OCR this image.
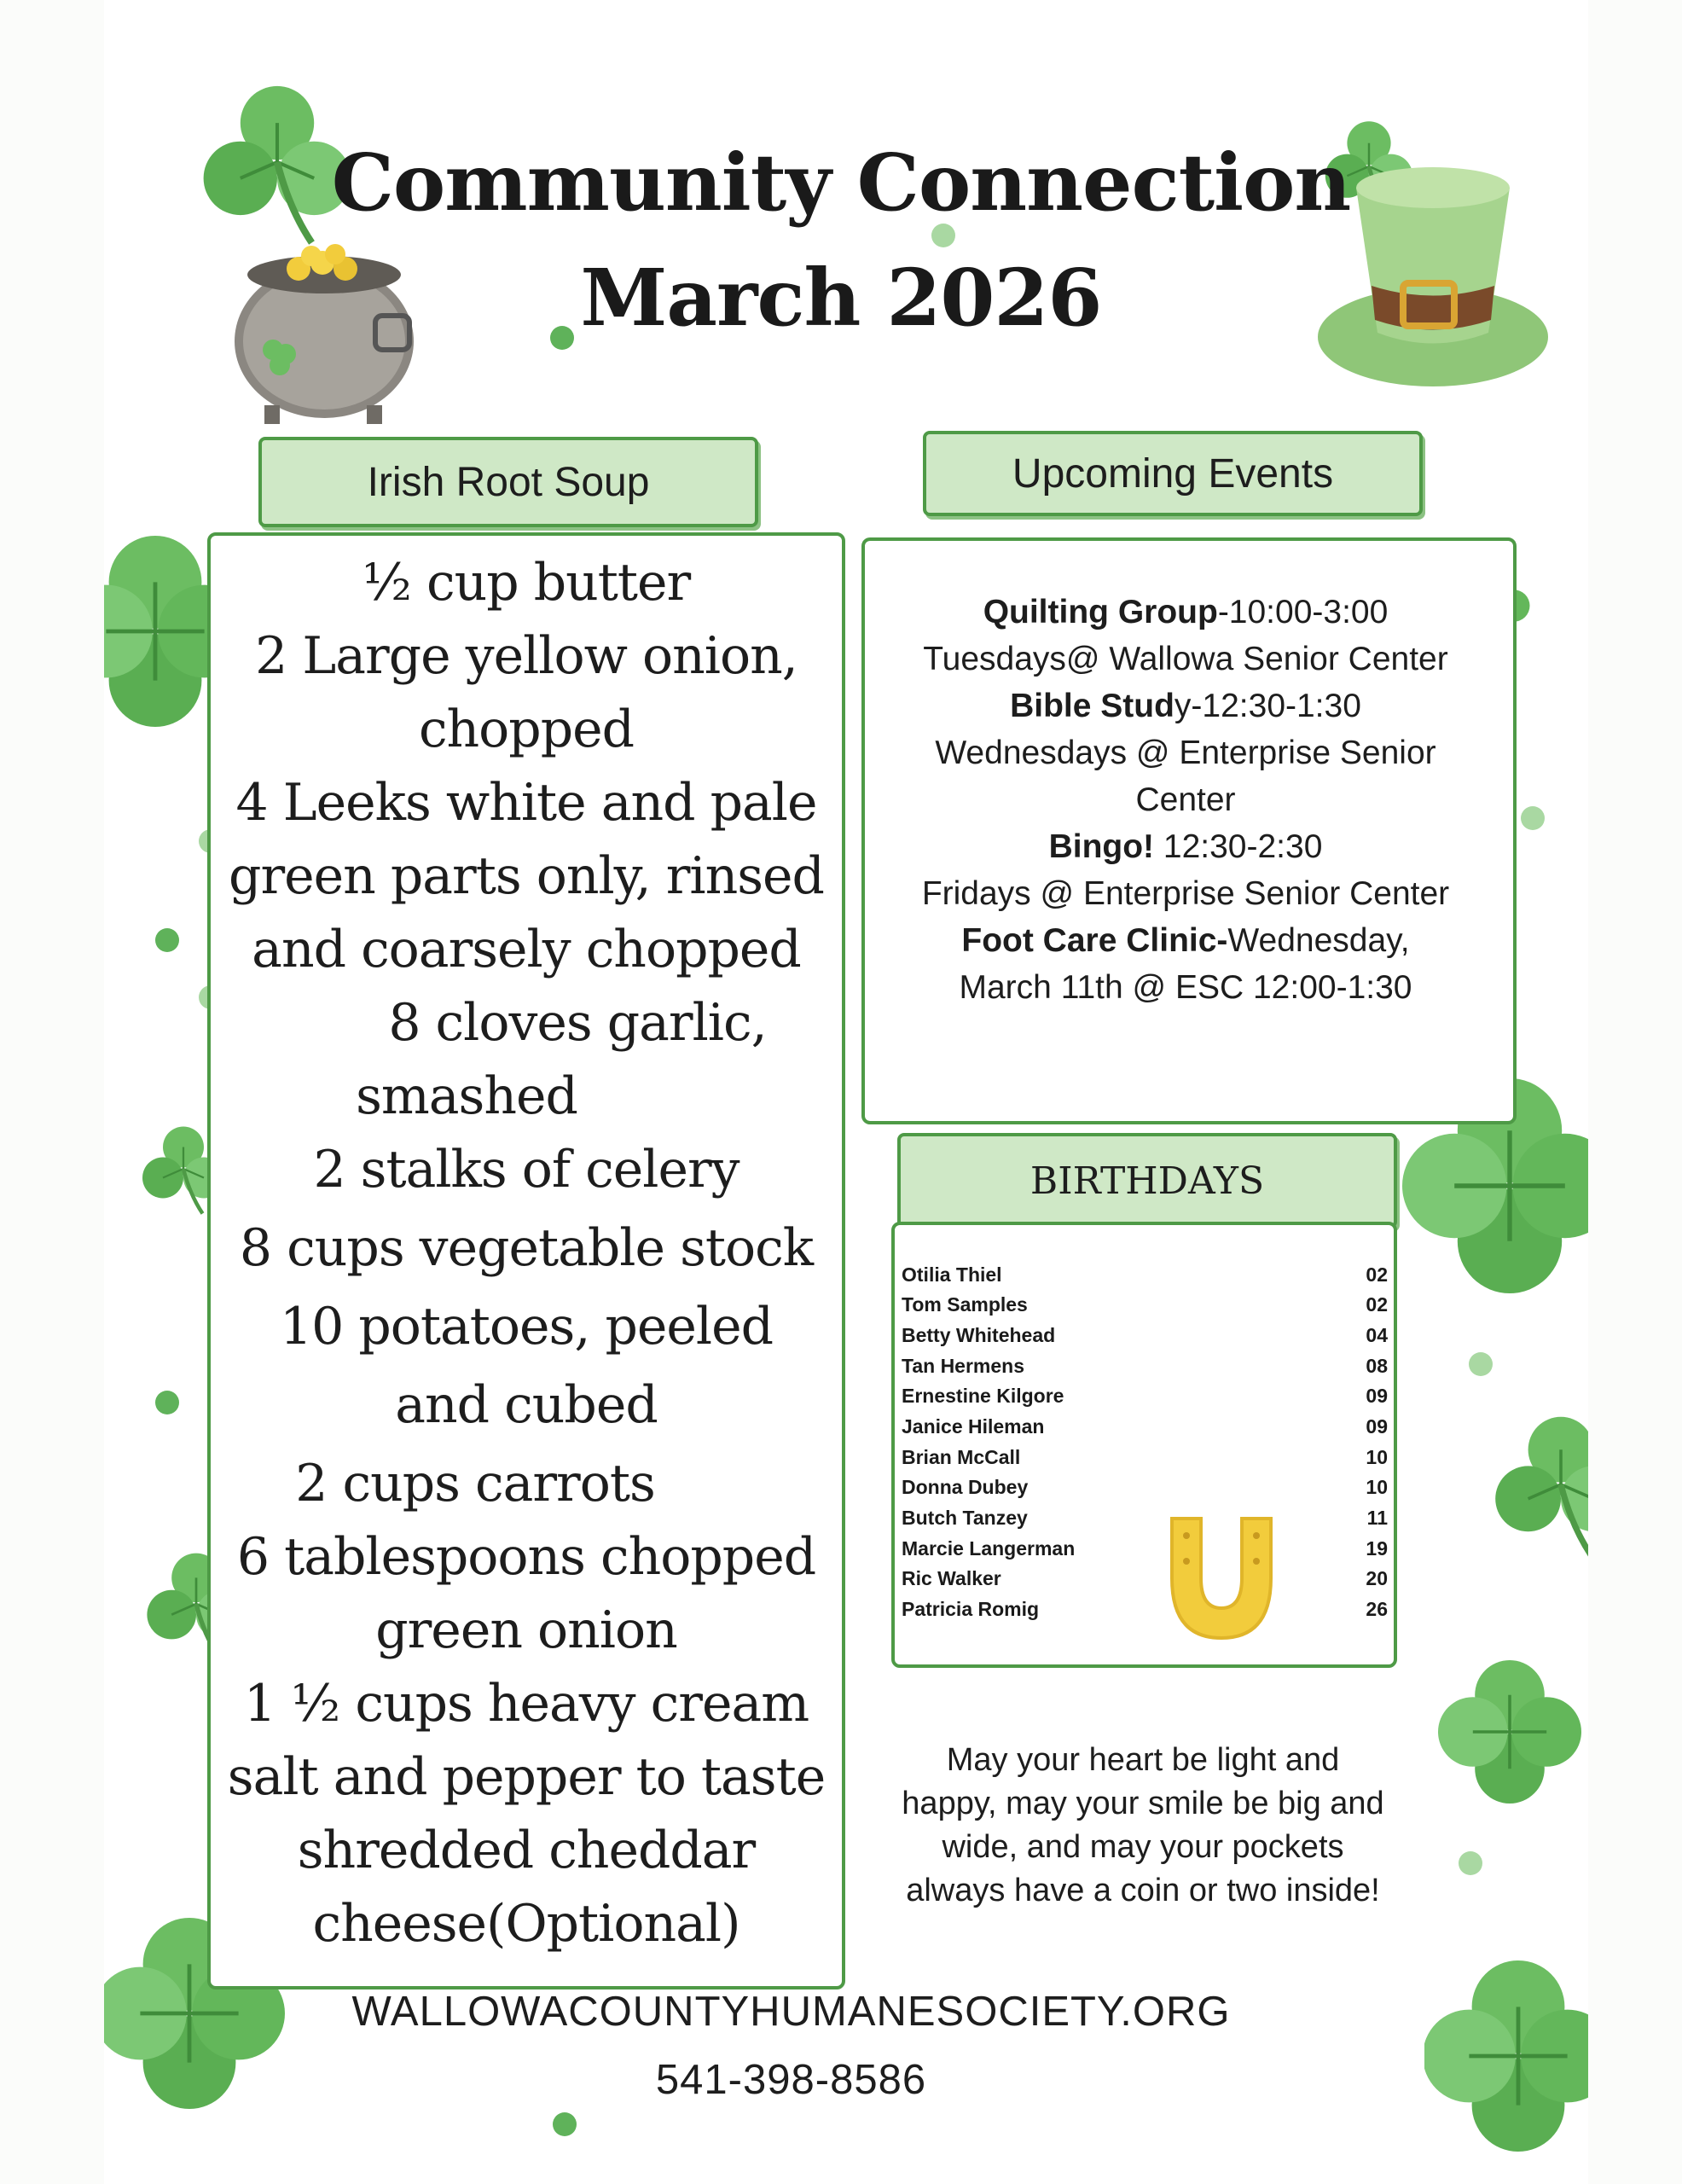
Community Connection
March 2026
Irish Root Soup
½ cup butter
2 Large yellow onion,
chopped
4 Leeks white and pale
green parts only, rinsed
and coarsely chopped
8 cloves garlic,
smashed
2 stalks of celery
8 cups vegetable stock
10 potatoes, peeled
and cubed
2 cups carrots
6 tablespoons chopped
green onion
1 ½ cups heavy cream
salt and pepper to taste
shredded cheddar
cheese(Optional)
Upcoming Events
Quilting Group-10:00-3:00
Tuesdays@ Wallowa Senior Center
Bible Study-12:30-1:30
Wednesdays @ Enterprise Senior
Center
Bingo! 12:30-2:30
Fridays @ Enterprise Senior Center
Foot Care Clinic-Wednesday,
March 11th @ ESC 12:00-1:30
BIRTHDAYS
Otilia Thiel	02
Tom Samples	02
Betty Whitehead	04
Tan Hermens	08
Ernestine Kilgore	09
Janice Hileman	09
Brian McCall	10
Donna Dubey	10
Butch Tanzey	11
Marcie Langerman	19
Ric Walker	20
Patricia Romig	26
May your heart be light and
happy, may your smile be big and
wide, and may your pockets
always have a coin or two inside!
WALLOWACOUNTYHUMANESOCIETY.ORG
541-398-8586
